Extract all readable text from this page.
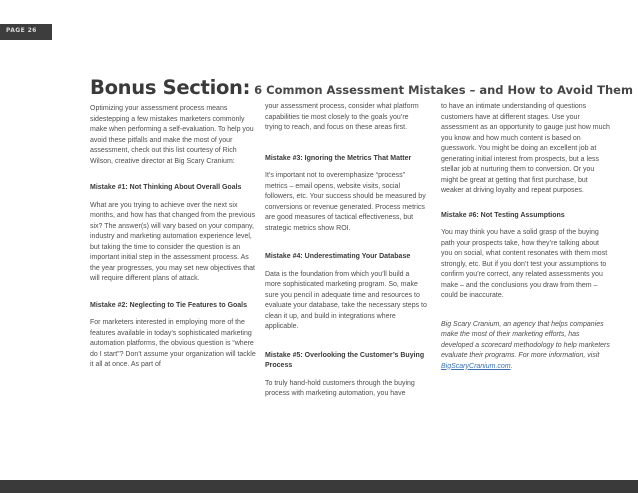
PAGE 26
Bonus Section: 6 Common Assessment Mistakes – and How to Avoid Them

Optimizing your assessment process means sidestepping a few mistakes marketers commonly make when performing a self-evaluation. To help you avoid these pitfalls and make the most of your assessment, check out this list courtesy of Rich Wilson, creative director at Big Scary Cranium:

Mistake #1: Not Thinking About Overall Goals

What are you trying to achieve over the next six months, and how has that changed from the previous six? The answer(s) will vary based on your company, industry and marketing automation experience level, but taking the time to consider the question is an important initial step in the assessment process. As the year progresses, you may set new objectives that will require different plans of attack.

Mistake #2: Neglecting to Tie Features to Goals

For marketers interested in employing more of the features available in today’s sophisticated marketing automation platforms, the obvious question is “where do I start”? Don’t assume your organization will tackle it all at once. As part of

your assessment process, consider what platform capabilities tie most closely to the goals you’re trying to reach, and focus on these areas first.

Mistake #3: Ignoring the Metrics That Matter

It’s important not to overemphasize “process” metrics – email opens, website visits, social followers, etc. Your success should be measured by conversions or revenue generated. Process metrics are good measures of tactical effectiveness, but strategic metrics show ROI.

Mistake #4: Underestimating Your Database

Data is the foundation from which you’ll build a more sophisticated marketing program. So, make sure you pencil in adequate time and resources to evaluate your database, take the necessary steps to clean it up, and build in integrations where applicable.

Mistake #5: Overlooking the Customer’s Buying Process

To truly hand-hold customers through the buying process with marketing automation, you have

to have an intimate understanding of questions customers have at different stages. Use your assessment as an opportunity to gauge just how much you know and how much content is based on guesswork. You might be doing an excellent job at generating initial interest from prospects, but a less stellar job at nurturing them to conversion. Or you might be great at getting that first purchase, but weaker at driving loyalty and repeat purposes.

Mistake #6: Not Testing Assumptions

You may think you have a solid grasp of the buying path your prospects take, how they’re talking about you on social, what content resonates with them most strongly, etc. But if you don’t test your assumptions to confirm you’re correct, any related assessments you make – and the conclusions you draw from them – could be inaccurate.

Big Scary Cranium, an agency that helps companies make the most of their marketing efforts, has developed a scorecard methodology to help marketers evaluate their programs. For more information, visit BigScaryCranium.com.
